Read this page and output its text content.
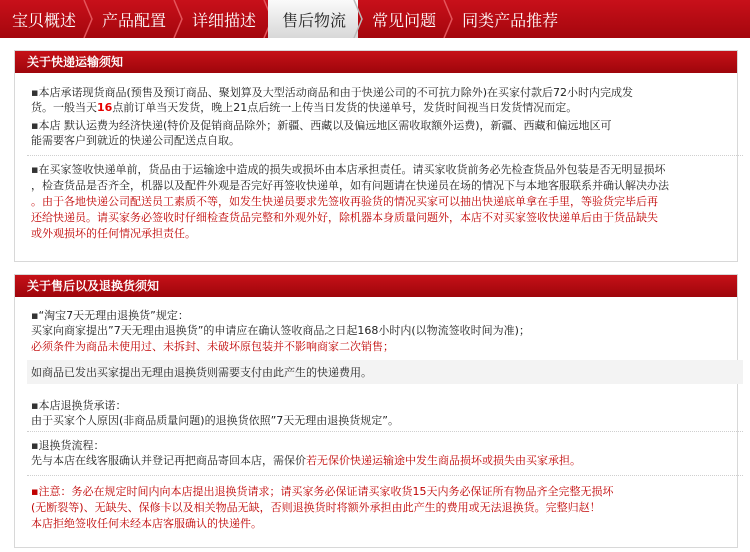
宝贝概述 产品配置 详细描述 售后物流 常见问题 同类产品推荐
关于快递运输须知
▪本店承诺现货商品(预售及预订商品、聚划算及大型活动商品和由于快递公司的不可抗力除外)在买家付款后72小时内完成发
货。一般当天16点前订单当天发货，晚上21点后统一上传当日发货的快递单号，发货时间视当日发货情况而定。
▪本店 默认运费为经济快递(特价及促销商品除外；新疆、西藏以及偏远地区需收取额外运费)，新疆、西藏和偏远地区可
能需要客户到就近的快递公司配送点自取。
▪在买家签收快递单前，货品由于运输途中造成的损失或损坏由本店承担责任。请买家收货前务必先检查货品外包装是否无明显损坏
，检查货品是否齐全，机器以及配件外观是否完好再签收快递单，如有问题请在快递员在场的情况下与本地客服联系并确认解决办法
。由于各地快递公司配送员工素质不等，如发生快递员要求先签收再验货的情况买家可以抽出快递底单拿在手里，等验货完毕后再
还给快递员。请买家务必签收时仔细检查货品完整和外观外好，除机器本身质量问题外，本店不对买家签收快递单后由于货品缺失
或外观损坏的任何情况承担责任。
关于售后以及退换货须知
▪“淘宝7天无理由退换货”规定：
买家向商家提出”7天无理由退换货”的申请应在确认签收商品之日起168小时内(以物流签收时间为准)；
必须条件为商品未使用过、未拆封、未破坏原包装并不影响商家二次销售；
如商品已发出买家提出无理由退换货则需要支付由此产生的快递费用。
▪本店退换货承诺：
由于买家个人原因(非商品质量问题)的退换货依照”7天无理由退换货规定”。
▪退换货流程：
先与本店在线客服确认并登记再把商品寄回本店，需保价若无保价快递运输途中发生商品损坏或损失由买家承担。
▪注意：务必在规定时间内向本店提出退换货请求；请买家务必保证请买家收货15天内务必保证所有物品齐全完整无损坏
(无断裂等)、无缺失、保修卡以及相关物品无缺，否则退换货时将额外承担由此产生的费用或无法退换货。完整归赵！
本店拒绝签收任何未经本店客服确认的快递件。
